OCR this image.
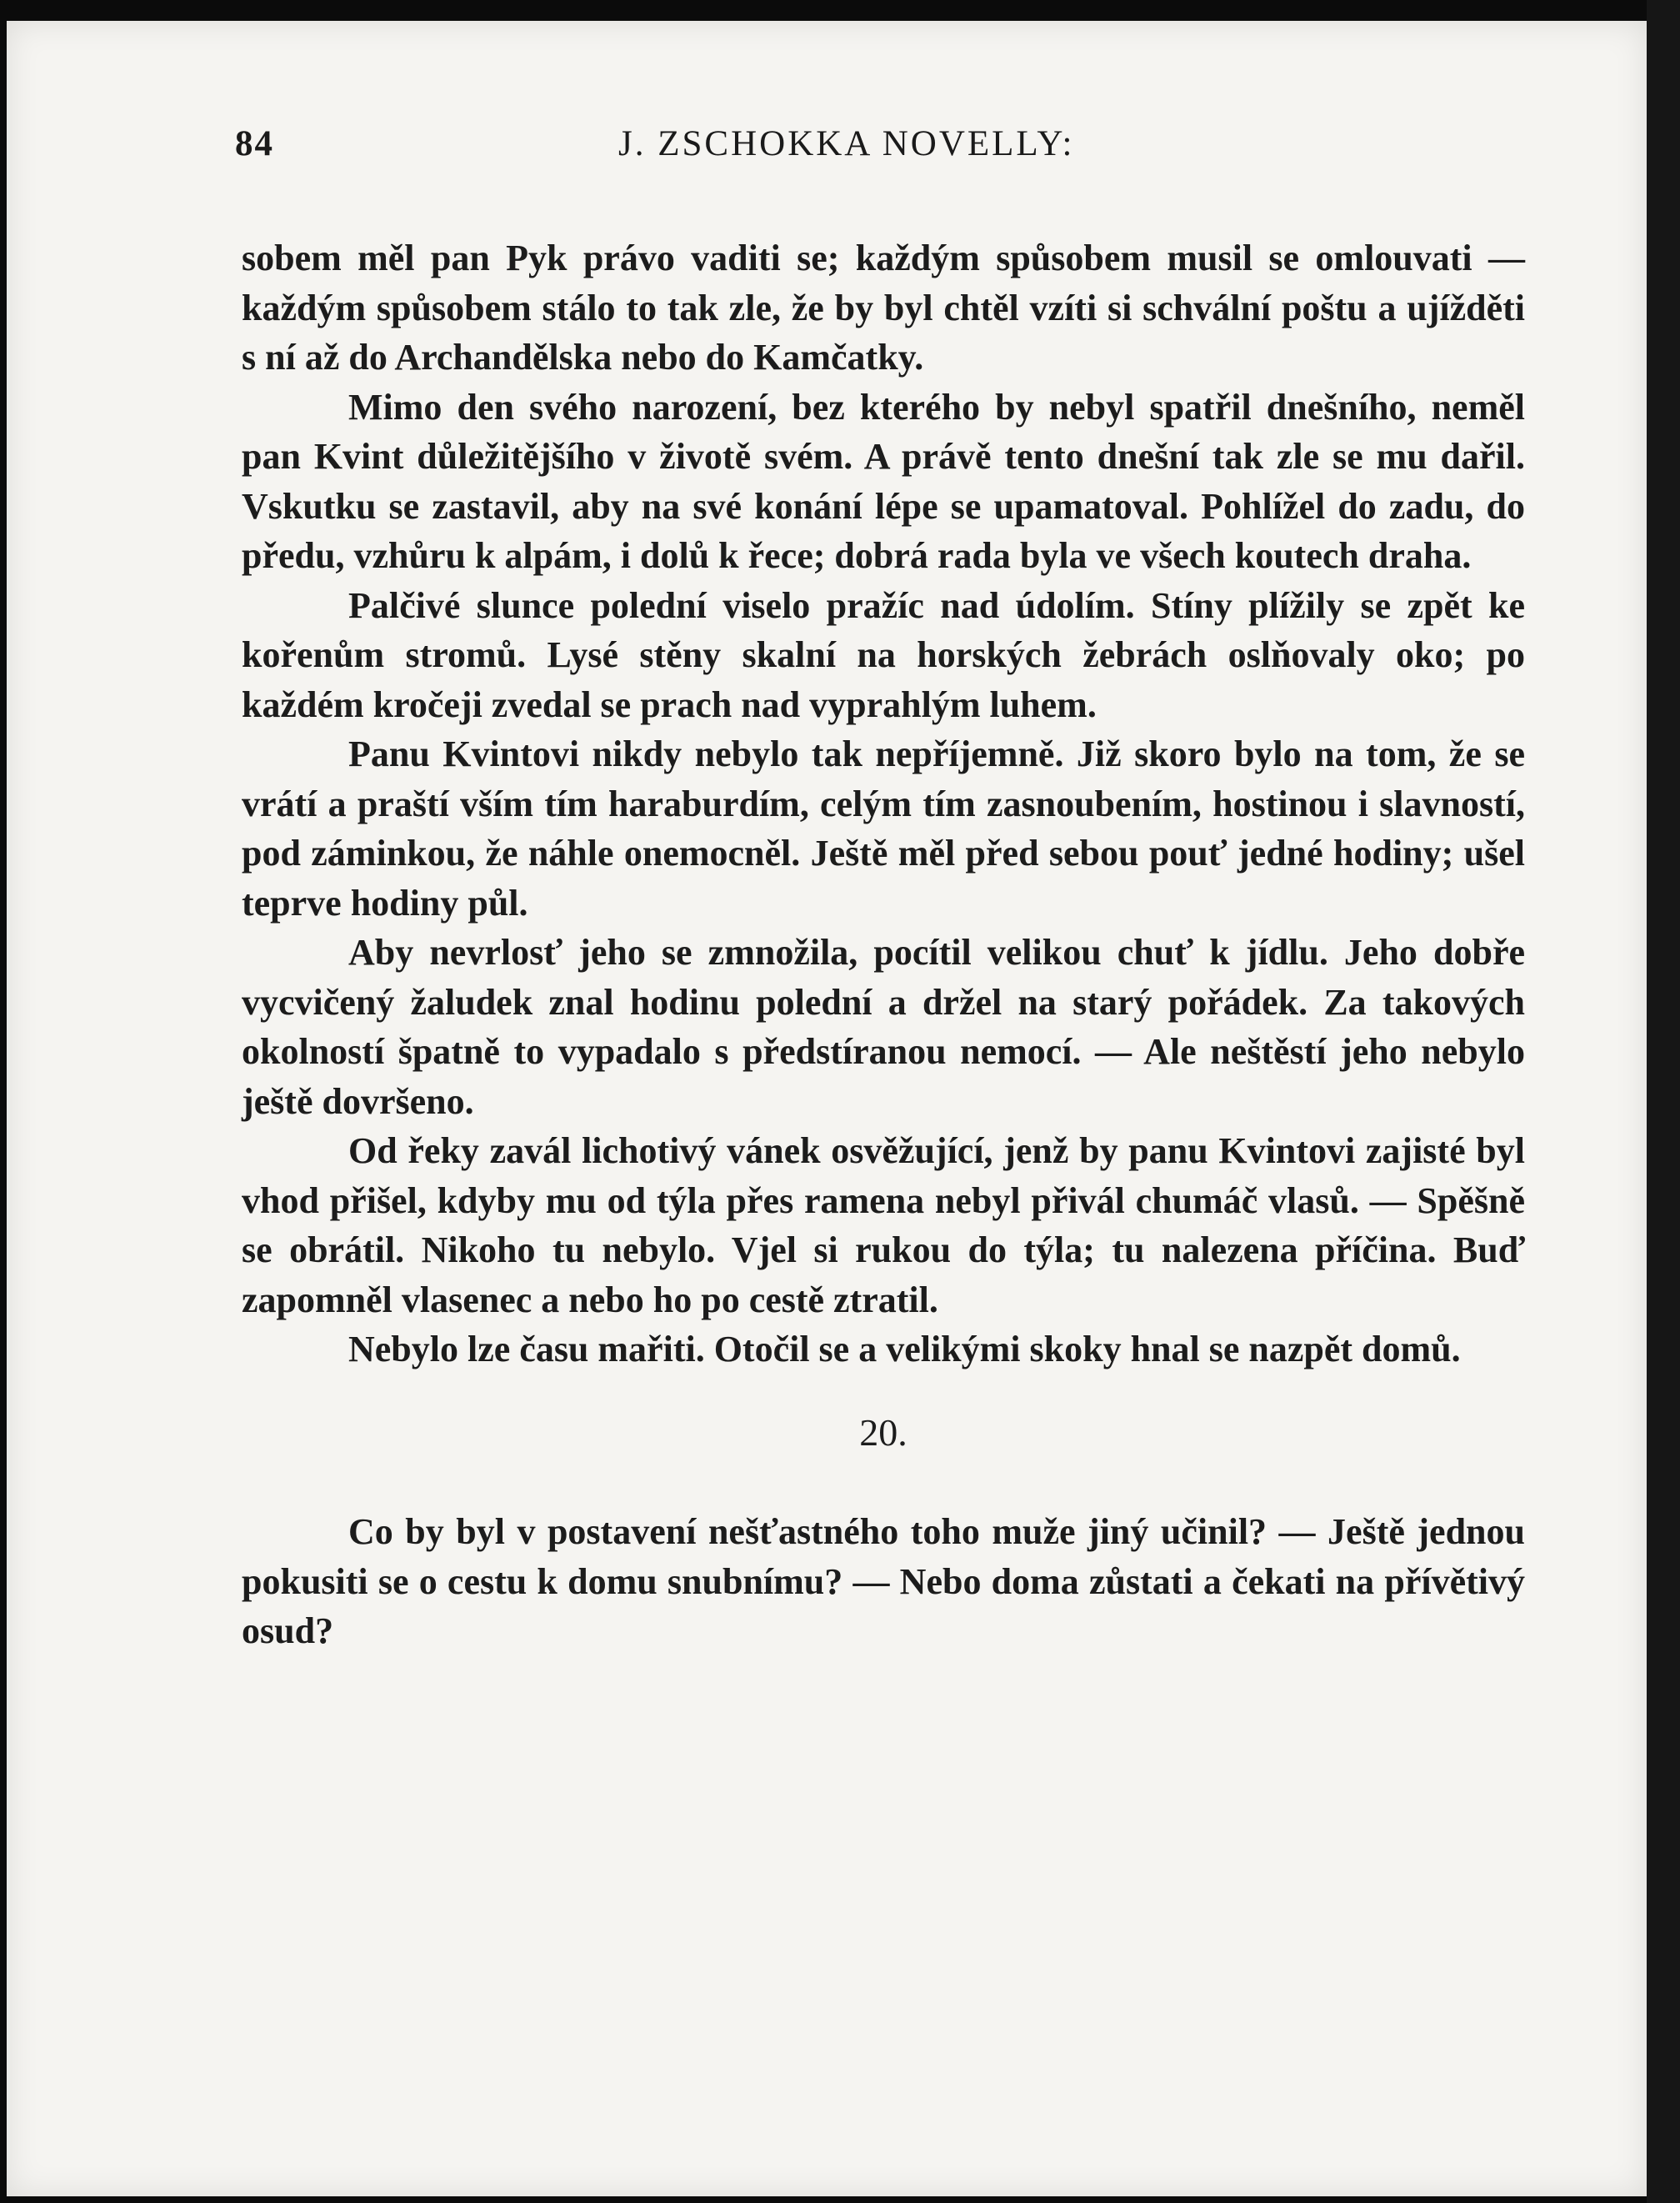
84	J. ZSCHOKKA NOVELLY:

sobem měl pan Pyk právo vaditi se; každým spůsobem musil se omlouvati — každým spůsobem stálo to tak zle, že by byl chtěl vzíti si schvální poštu a ujížděti s ní až do Archandělska nebo do Kamčatky.

Mimo den svého narození, bez kterého by nebyl spatřil dnešního, neměl pan Kvint důležitějšího v životě svém. A právě tento dnešní tak zle se mu dařil. Vskutku se zastavil, aby na své konání lépe se upamatoval. Pohlížel do zadu, do předu, vzhůru k alpám, i dolů k řece; dobrá rada byla ve všech koutech draha.

Palčivé slunce polední viselo pražíc nad údolím. Stíny plížily se zpět ke kořenům stromů. Lysé stěny skalní na horských žebrách oslňovaly oko; po každém kročeji zvedal se prach nad vyprahlým luhem.

Panu Kvintovi nikdy nebylo tak nepříjemně. Již skoro bylo na tom, že se vrátí a praští vším tím haraburdím, celým tím zasnoubením, hostinou i slavností, pod záminkou, že náhle onemocněl. Ještě měl před sebou pouť jedné hodiny; ušel teprve hodiny půl.

Aby nevrlosť jeho se zmnožila, pocítil velikou chuť k jídlu. Jeho dobře vycvičený žaludek znal hodinu polední a držel na starý pořádek. Za takových okolností špatně to vypadalo s předstíranou nemocí. — Ale neštěstí jeho nebylo ještě dovršeno.

Od řeky zavál lichotivý vánek osvěžující, jenž by panu Kvintovi zajisté byl vhod přišel, kdyby mu od týla přes ramena nebyl přivál chumáč vlasů. — Spěšně se obrátil. Nikoho tu nebylo. Vjel si rukou do týla; tu nalezena příčina. Buď zapomněl vlasenec a nebo ho po cestě ztratil.

Nebylo lze času mařiti. Otočil se a velikými skoky hnal se nazpět domů.

20.

Co by byl v postavení nešťastného toho muže jiný učinil? — Ještě jednou pokusiti se o cestu k domu snubnímu? — Nebo doma zůstati a čekati na přívětivý osud?
